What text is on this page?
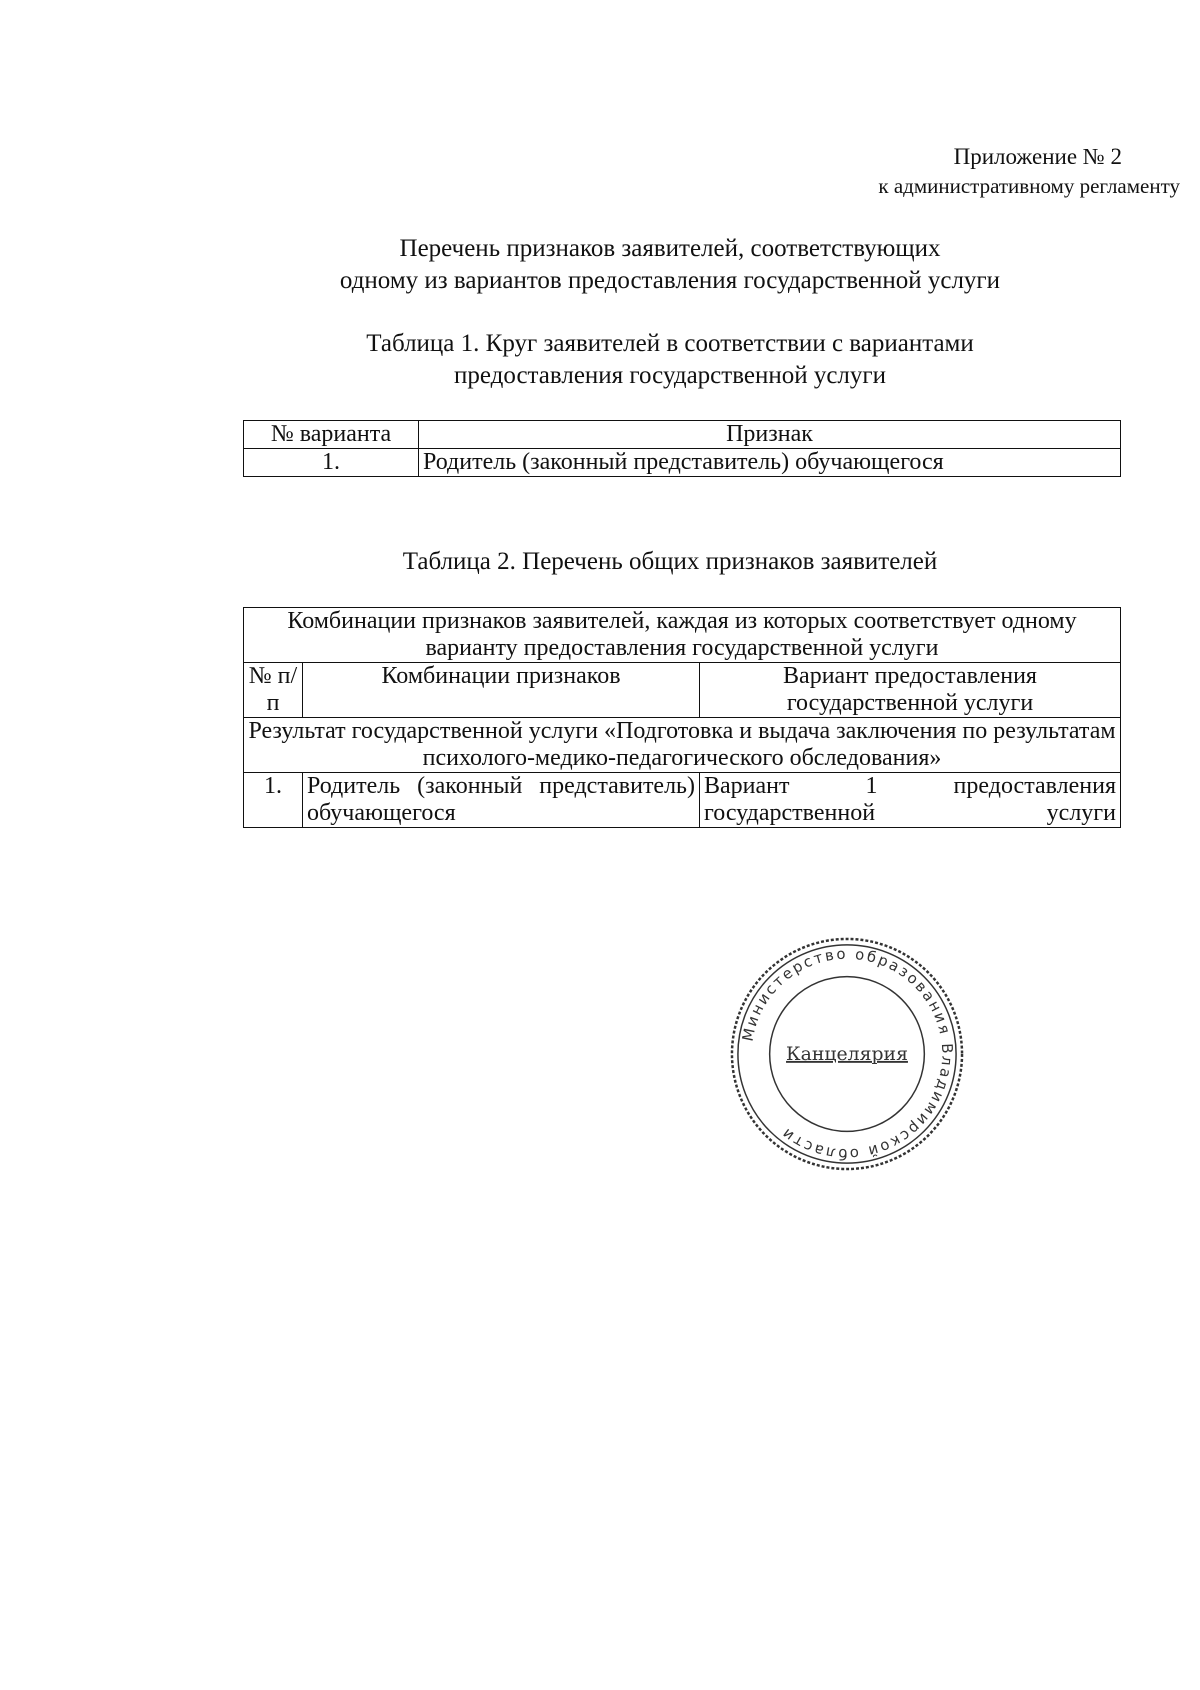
Приложение № 2
к административному регламенту
Перечень признаков заявителей, соответствующих
одному из вариантов предоставления государственной услуги
Таблица 1. Круг заявителей в соответствии с вариантами
предоставления государственной услуги
№ варианта	Признак
1.	Родитель (законный представитель) обучающегося
Таблица 2. Перечень общих признаков заявителей
Комбинации признаков заявителей, каждая из которых соответствует одному варианту предоставления государственной услуги		
№ п/п	Комбинации признаков	Вариант предоставления государственной услуги
Результат государственной услуги «Подготовка и выдача заключения по результатам психолого-медико-педагогического обследования»		
1.	Родитель (законный представитель) обучающегося	Вариант 1 предоставления государственной услуги
Министерство образования Владимирской области
Канцелярия
